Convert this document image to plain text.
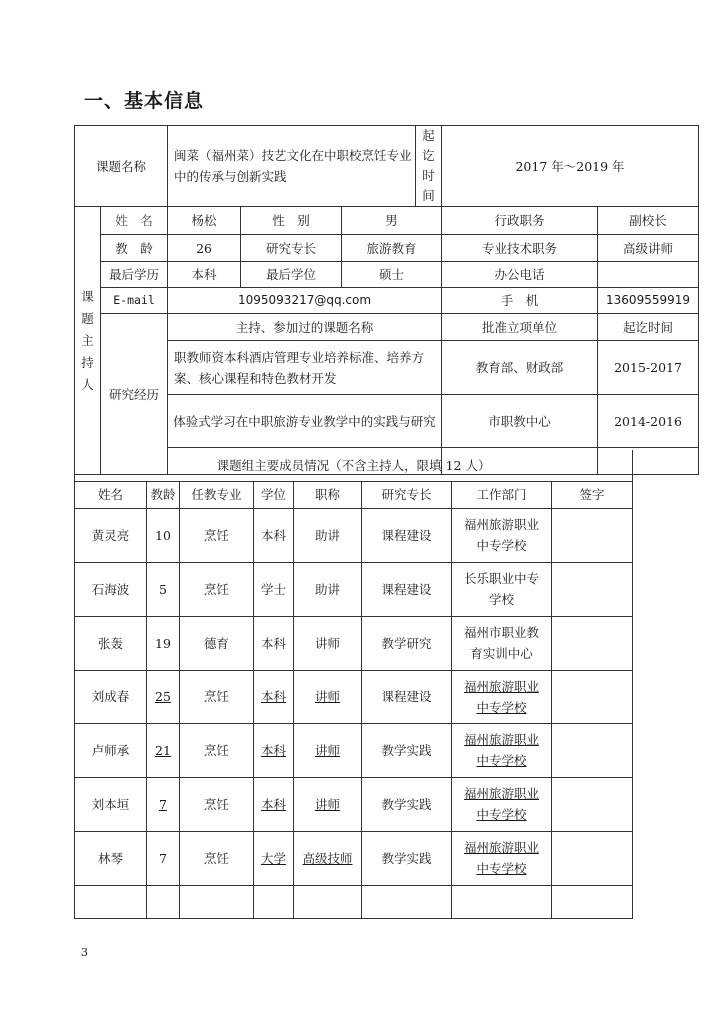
一、基本信息
课题名称		闽菜（福州菜）技艺文化在中职校烹饪专业中的传承与创新实践			起讫时间	2017 年～2019 年	
课题主持人	姓　名	杨松	性　别	男		行政职务	副校长
	教　龄	26	研究专长	旅游教育		专业技术职务	高级讲师
	最后学历	本科	最后学位	硕士		办公电话	
	E-mail	1095093217@qq.com				手　机	13609559919
	研究经历	主持、参加过的课题名称				批准立项单位	起讫时间
		职教师资本科酒店管理专业培养标准、培养方案、核心课程和特色教材开发				教育部、财政部	2015-2017
		体验式学习在中职旅游专业教学中的实践与研究				市职教中心	2014-2016

课题组主要成员情况（不含主持人，限填 12 人）							
姓名	教龄	任教专业	学位	职称	研究专长	工作部门	签字
黄灵亮	10	烹饪	本科	助讲	课程建设	福州旅游职业中专学校	
石海波	5	烹饪	学士	助讲	课程建设	长乐职业中专学校	
张轰	19	德育	本科	讲师	教学研究	福州市职业教育实训中心	
刘成春	25	烹饪	本科	讲师	课程建设	福州旅游职业中专学校	
卢师承	21	烹饪	本科	讲师	教学实践	福州旅游职业中专学校	
刘本垣	7	烹饪	本科	讲师	教学实践	福州旅游职业中专学校	
林琴	7	烹饪	大学	高级技师	教学实践	福州旅游职业中专学校	

3
